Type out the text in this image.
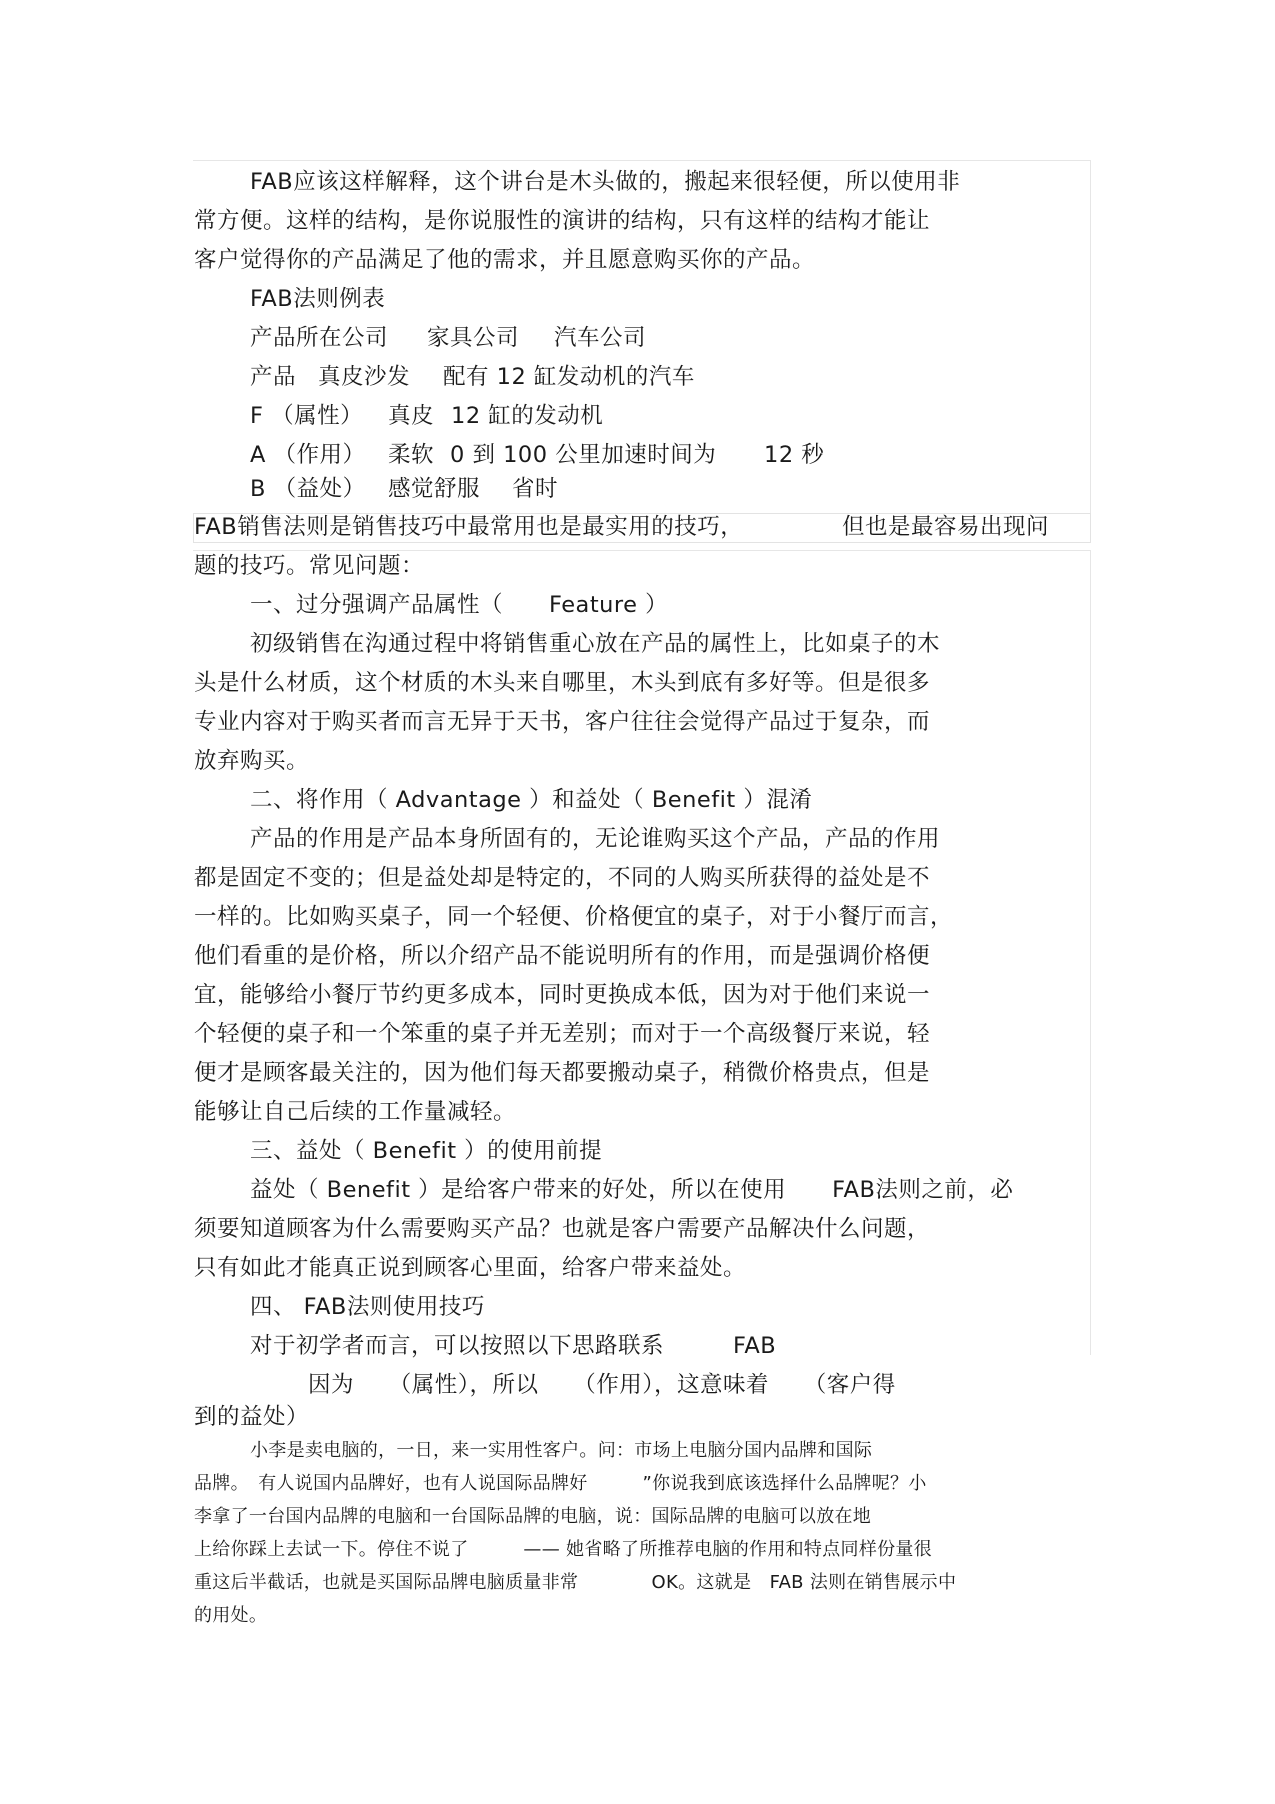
FAB应该这样解释，这个讲台是木头做的，搬起来很轻便，所以使用非
常方便。这样的结构，是你说服性的演讲的结构，只有这样的结构才能让
客户觉得你的产品满足了他的需求，并且愿意购买你的产品。
FAB法则例表
产品所在公司 家具公司 汽车公司
产品 真皮沙发 配有 12 缸发动机的汽车
F （属性） 真皮 12 缸的发动机
A （作用） 柔软 0 到 100 公里加速时间为 12 秒
B （益处） 感觉舒服 省时
FAB销售法则是销售技巧中最常用也是最实用的技巧，	但也是最容易出现问
题的技巧。常见问题：
一、过分强调产品属性（　　Feature ）
初级销售在沟通过程中将销售重心放在产品的属性上，比如桌子的木
头是什么材质，这个材质的木头来自哪里，木头到底有多好等。但是很多
专业内容对于购买者而言无异于天书，客户往往会觉得产品过于复杂，而
放弃购买。
二、将作用（ Advantage ）和益处（ Benefit ）混淆
产品的作用是产品本身所固有的，无论谁购买这个产品，产品的作用
都是固定不变的；但是益处却是特定的，不同的人购买所获得的益处是不
一样的。比如购买桌子，同一个轻便、价格便宜的桌子，对于小餐厅而言，
他们看重的是价格，所以介绍产品不能说明所有的作用，而是强调价格便
宜，能够给小餐厅节约更多成本，同时更换成本低，因为对于他们来说一
个轻便的桌子和一个笨重的桌子并无差别；而对于一个高级餐厅来说，轻
便才是顾客最关注的，因为他们每天都要搬动桌子，稍微价格贵点，但是
能够让自己后续的工作量减轻。
三、益处（ Benefit ）的使用前提
益处（ Benefit ）是给客户带来的好处，所以在使用　　FAB法则之前，必
须要知道顾客为什么需要购买产品？也就是客户需要产品解决什么问题，
只有如此才能真正说到顾客心里面，给客户带来益处。
四、 FAB法则使用技巧
对于初学者而言，可以按照以下思路联系　　　FAB
因为　　（属性），所以　　（作用），这意味着　　（客户得
到的益处）
小李是卖电脑的，一日，来一实用性客户。问：市场上电脑分国内品牌和国际
品牌。　有人说国内品牌好，也有人说国际品牌好　　　”你说我到底该选择什么品牌呢？小
李拿了一台国内品牌的电脑和一台国际品牌的电脑，说：国际品牌的电脑可以放在地
上给你踩上去试一下。停住不说了　　　—— 她省略了所推荐电脑的作用和特点同样份量很
重这后半截话，也就是买国际品牌电脑质量非常　　　　OK。这就是　FAB 法则在销售展示中
的用处。
